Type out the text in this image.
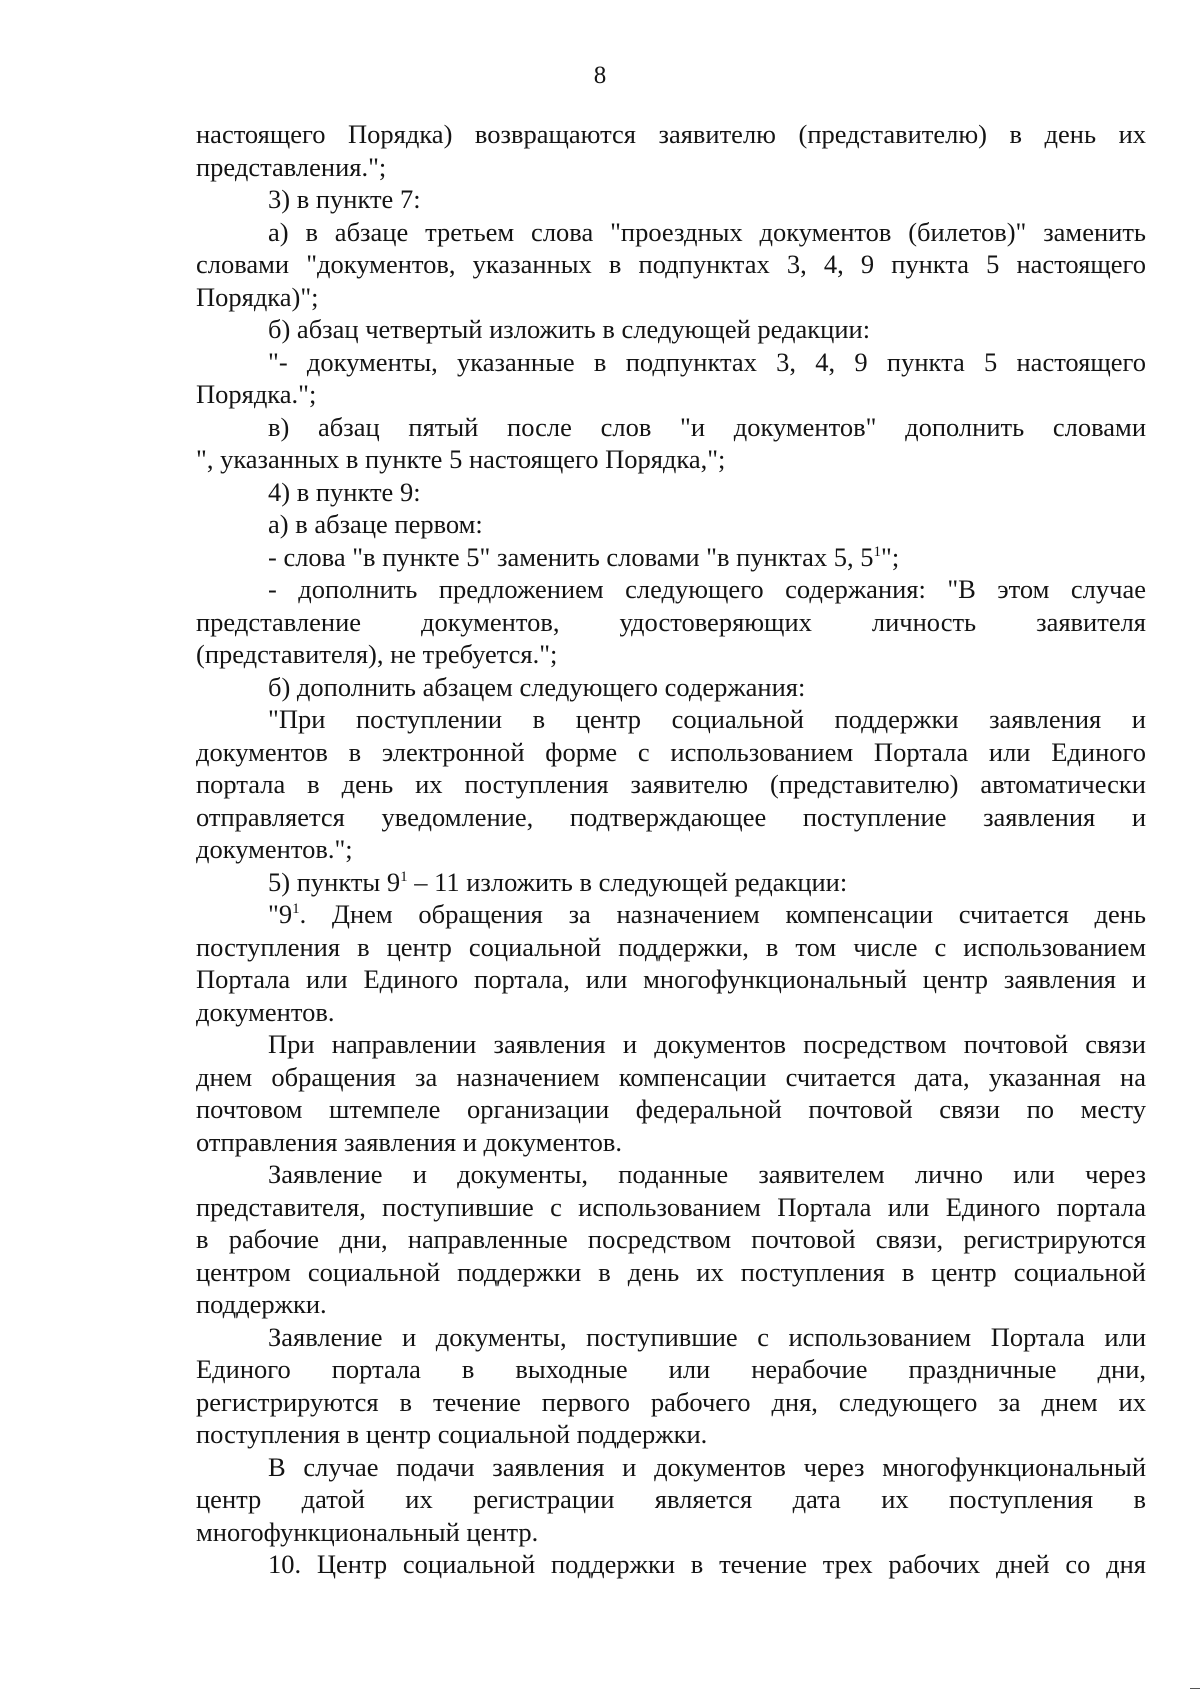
8
настоящего Порядка) возвращаются заявителю (представителю) в день их
представления.";
3) в пункте 7:
а) в абзаце третьем слова "проездных документов (билетов)" заменить
словами "документов, указанных в подпунктах 3, 4, 9 пункта 5 настоящего
Порядка)";
б) абзац четвертый изложить в следующей редакции:
"- документы, указанные в подпунктах 3, 4, 9 пункта 5 настоящего
Порядка.";
в) абзац пятый после слов "и документов" дополнить словами
", указанных в пункте 5 настоящего Порядка,";
4) в пункте 9:
а) в абзаце первом:
- слова "в пункте 5" заменить словами "в пунктах 5, $5^1$";
- дополнить предложением следующего содержания: "В этом случае
представление документов, удостоверяющих личность заявителя
(представителя), не требуется.";
б) дополнить абзацем следующего содержания:
"При поступлении в центр социальной поддержки заявления и
документов в электронной форме с использованием Портала или Единого
портала в день их поступления заявителю (представителю) автоматически
отправляется уведомление, подтверждающее поступление заявления и
документов.";
5) пункты $9^1 - 11$ изложить в следующей редакции:
"$9^1$. Днем обращения за назначением компенсации считается день
поступления в центр социальной поддержки, в том числе с использованием
Портала или Единого портала, или многофункциональный центр заявления и
документов.
При направлении заявления и документов посредством почтовой связи
днем обращения за назначением компенсации считается дата, указанная на
почтовом штемпеле организации федеральной почтовой связи по месту
отправления заявления и документов.
Заявление и документы, поданные заявителем лично или через
представителя, поступившие с использованием Портала или Единого портала
в рабочие дни, направленные посредством почтовой связи, регистрируются
центром социальной поддержки в день их поступления в центр социальной
поддержки.
Заявление и документы, поступившие с использованием Портала или
Единого портала в выходные или нерабочие праздничные дни,
регистрируются в течение первого рабочего дня, следующего за днем их
поступления в центр социальной поддержки.
В случае подачи заявления и документов через многофункциональный
центр датой их регистрации является дата их поступления в
многофункциональный центр.
10. Центр социальной поддержки в течение трех рабочих дней со дня
